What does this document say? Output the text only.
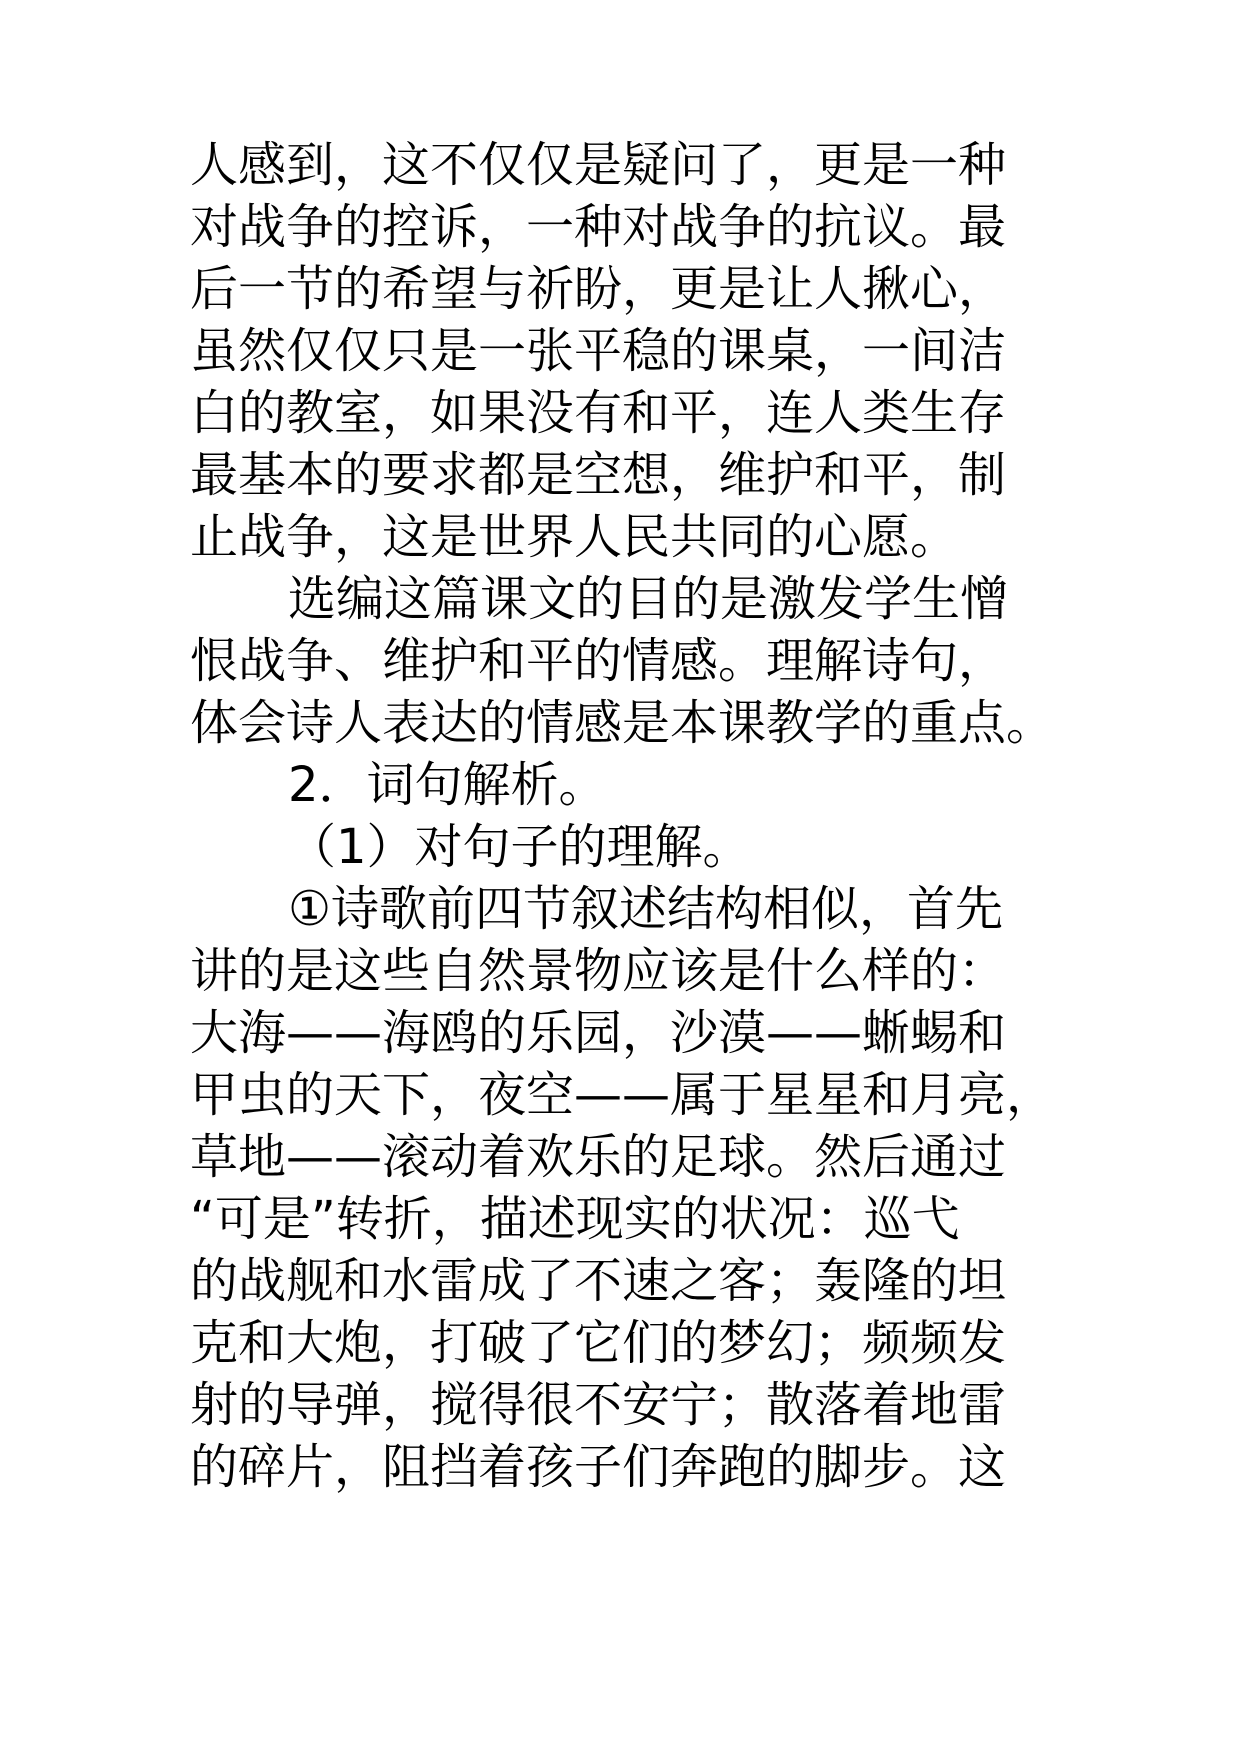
人感到，这不仅仅是疑问了，更是一种
对战争的控诉，一种对战争的抗议。最
后一节的希望与祈盼，更是让人揪心，
虽然仅仅只是一张平稳的课桌，一间洁
白的教室，如果没有和平，连人类生存
最基本的要求都是空想，维护和平，制
止战争，这是世界人民共同的心愿。
选编这篇课文的目的是激发学生憎
恨战争、维护和平的情感。理解诗句，
体会诗人表达的情感是本课教学的重点。
2．词句解析。
（1）对句子的理解。
①诗歌前四节叙述结构相似，首先
讲的是这些自然景物应该是什么样的：
大海——海鸥的乐园，沙漠——蜥蜴和
甲虫的天下，夜空——属于星星和月亮，
草地——滚动着欢乐的足球。然后通过
“可是”转折，描述现实的状况：巡弋
的战舰和水雷成了不速之客；轰隆的坦
克和大炮，打破了它们的梦幻；频频发
射的导弹，搅得很不安宁；散落着地雷
的碎片，阻挡着孩子们奔跑的脚步。这
